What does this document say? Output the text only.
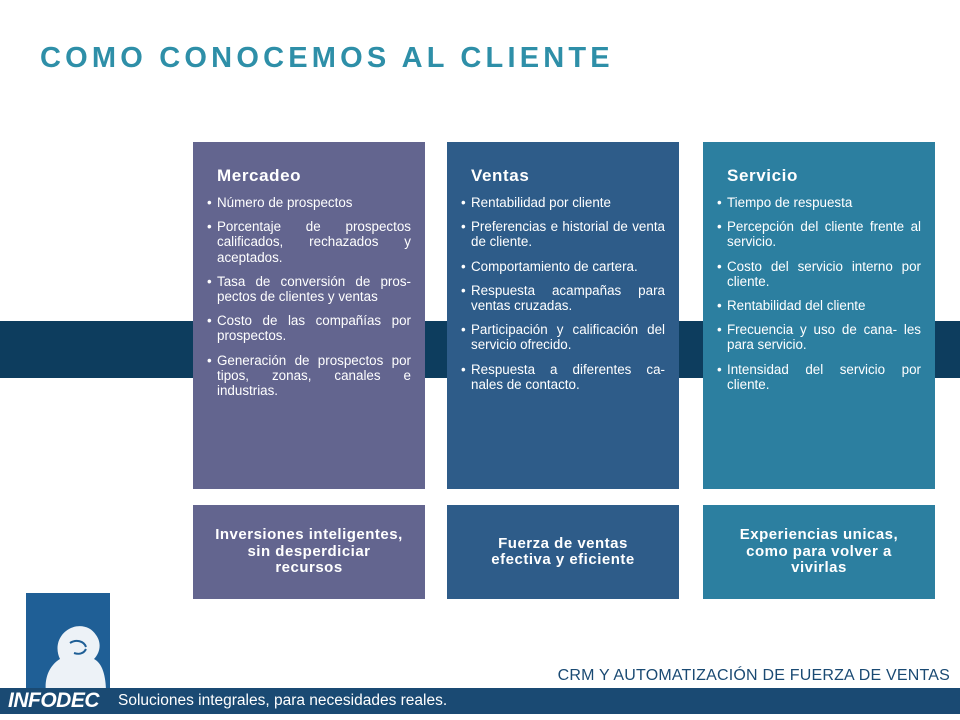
COMO CONOCEMOS AL CLIENTE
Mercadeo
• Número de prospectos
• Porcentaje de prospectos calificados, rechazados y aceptados.
• Tasa de conversión de pros- pectos de clientes y ventas
• Costo de las compañías por prospectos.
• Generación de prospectos por tipos, zonas, canales e industrias.
Ventas
• Rentabilidad por cliente
• Preferencias e historial de venta de cliente.
• Comportamiento de cartera.
• Respuesta acampañas para ventas cruzadas.
• Participación y calificación del servicio ofrecido.
• Respuesta a diferentes ca- nales de contacto.
Servicio
• Tiempo de respuesta
• Percepción del cliente frente al servicio.
• Costo del servicio interno por cliente.
• Rentabilidad del cliente
• Frecuencia y uso de cana- les para servicio.
• Intensidad del servicio por cliente.
Inversiones inteligentes, sin desperdiciar recursos
Fuerza de ventas efectiva y eficiente
Experiencias unicas, como para volver a vivirlas
INFODEC Soluciones integrales, para necesidades reales.
CRM Y AUTOMATIZACIÓN DE FUERZA DE VENTAS
